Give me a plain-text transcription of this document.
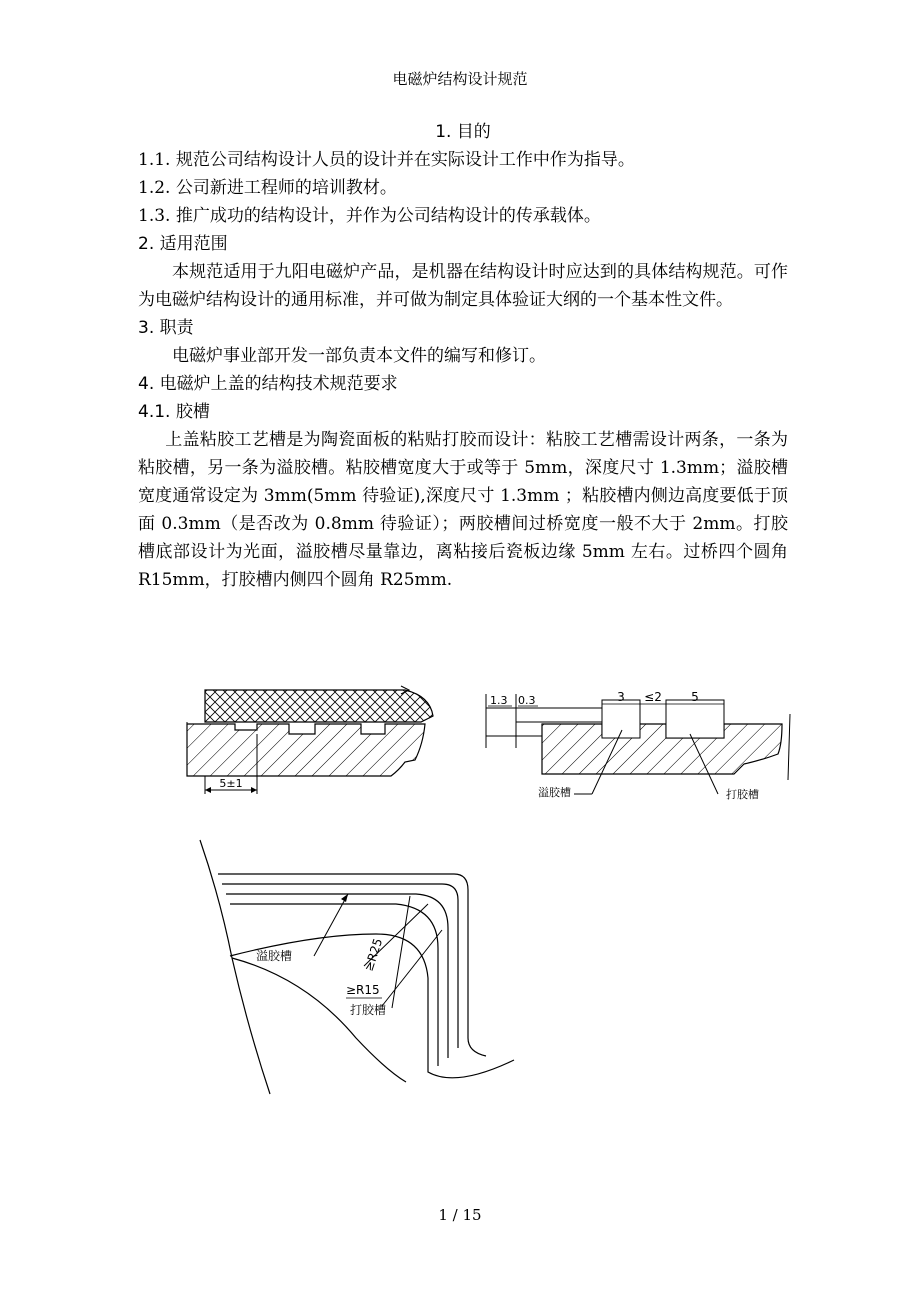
电磁炉结构设计规范
1. 目的
1.1. 规范公司结构设计人员的设计并在实际设计工作中作为指导。
1.2. 公司新进工程师的培训教材。
1.3. 推广成功的结构设计，并作为公司结构设计的传承载体。
2. 适用范围
本规范适用于九阳电磁炉产品，是机器在结构设计时应达到的具体结构规范。可作为电磁炉结构设计的通用标准，并可做为制定具体验证大纲的一个基本性文件。
3. 职责
电磁炉事业部开发一部负责本文件的编写和修订。
4. 电磁炉上盖的结构技术规范要求
4.1. 胶槽
上盖粘胶工艺槽是为陶瓷面板的粘贴打胶而设计：粘胶工艺槽需设计两条，一条为粘胶槽，另一条为溢胶槽。粘胶槽宽度大于或等于 5mm，深度尺寸 1.3mm；溢胶槽宽度通常设定为 3mm(5mm 待验证),深度尺寸 1.3mm ；粘胶槽内侧边高度要低于顶面 0.3mm（是否改为 0.8mm 待验证）；两胶槽间过桥宽度一般不大于 2mm。打胶槽底部设计为光面，溢胶槽尽量靠边，离粘接后瓷板边缘 5mm 左右。过桥四个圆角 R15mm，打胶槽内侧四个圆角 R25mm.
5±1
1.3 0.3	3 ≤2 5
溢胶槽	打胶槽
溢胶槽	≥R25
≥R15
打胶槽
1 / 15
